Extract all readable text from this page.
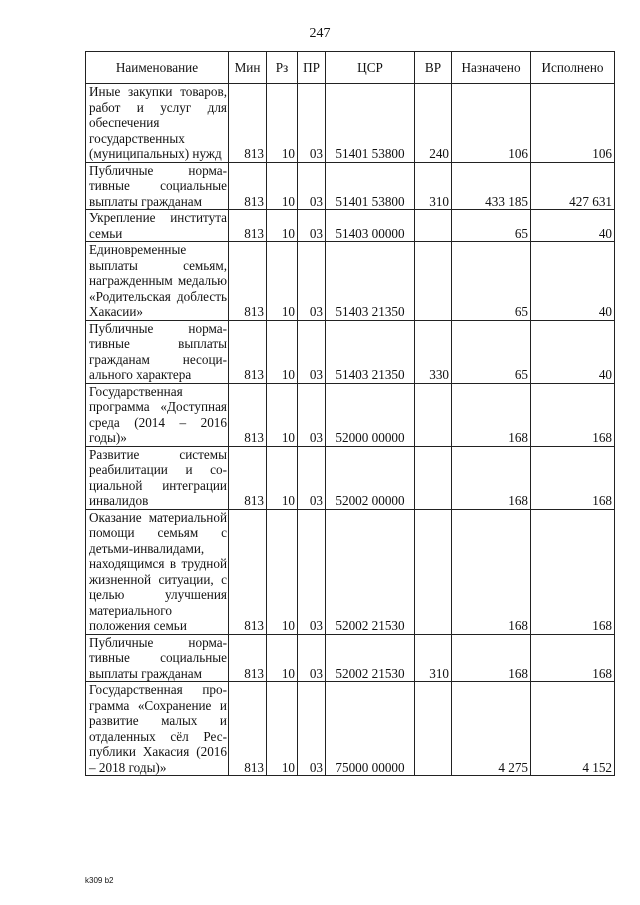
247
Наименование	Мин	Рз	ПР	ЦСР	ВР	Назначено	Исполнено
Иные закупки товаров, работ и услуг для обеспечения государственных (муниципальных) нужд	813	10	03	51401 53800	240	106	106
Публичные нормативные социальные выплаты гражданам	813	10	03	51401 53800	310	433 185	427 631
Укрепление института семьи	813	10	03	51403 00000		65	40
Единовременные выплаты семьям, награжденным медалью «Родительская доблесть Хакасии»	813	10	03	51403 21350		65	40
Публичные нормативные выплаты гражданам несоциального характера	813	10	03	51403 21350	330	65	40
Государственная программа «Доступная среда (2014 – 2016 годы)»	813	10	03	52000 00000		168	168
Развитие системы реабилитации и социальной интеграции инвалидов	813	10	03	52002 00000		168	168
Оказание материальной помощи семьям с детьми-инвалидами, находящимся в трудной жизненной ситуации, с целью улучшения материального положения семьи	813	10	03	52002 21530		168	168
Публичные нормативные социальные выплаты гражданам	813	10	03	52002 21530	310	168	168
Государственная программа «Сохранение и развитие малых и отдаленных сёл Республики Хакасия (2016 – 2018 годы)»	813	10	03	75000 00000		4 275	4 152
k309 b2
